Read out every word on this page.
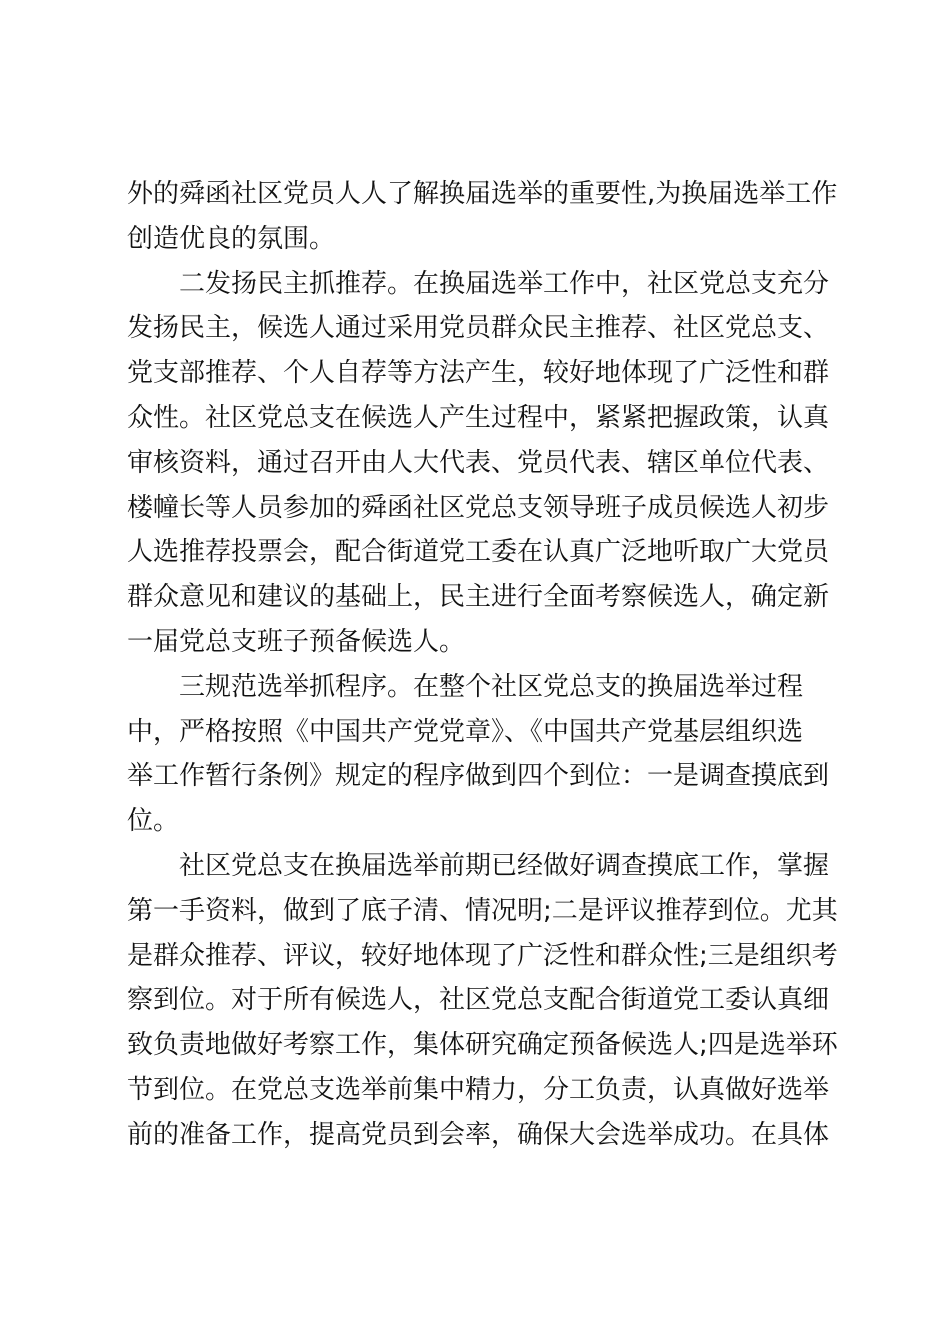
外的舜函社区党员人人了解换届选举的重要性,为换届选举工作
创造优良的氛围。
二发扬民主抓推荐。在换届选举工作中，社区党总支充分
发扬民主，候选人通过采用党员群众民主推荐、社区党总支、
党支部推荐、个人自荐等方法产生，较好地体现了广泛性和群
众性。社区党总支在候选人产生过程中，紧紧把握政策，认真
审核资料，通过召开由人大代表、党员代表、辖区单位代表、
楼幢长等人员参加的舜函社区党总支领导班子成员候选人初步
人选推荐投票会，配合街道党工委在认真广泛地听取广大党员
群众意见和建议的基础上，民主进行全面考察候选人，确定新
一届党总支班子预备候选人。
三规范选举抓程序。在整个社区党总支的换届选举过程
中，严格按照《中国共产党党章》、《中国共产党基层组织选
举工作暂行条例》规定的程序做到四个到位：一是调查摸底到
位。
社区党总支在换届选举前期已经做好调查摸底工作，掌握
第一手资料，做到了底子清、情况明;二是评议推荐到位。尤其
是群众推荐、评议，较好地体现了广泛性和群众性;三是组织考
察到位。对于所有候选人，社区党总支配合街道党工委认真细
致负责地做好考察工作，集体研究确定预备候选人;四是选举环
节到位。在党总支选举前集中精力，分工负责，认真做好选举
前的准备工作，提高党员到会率，确保大会选举成功。在具体
